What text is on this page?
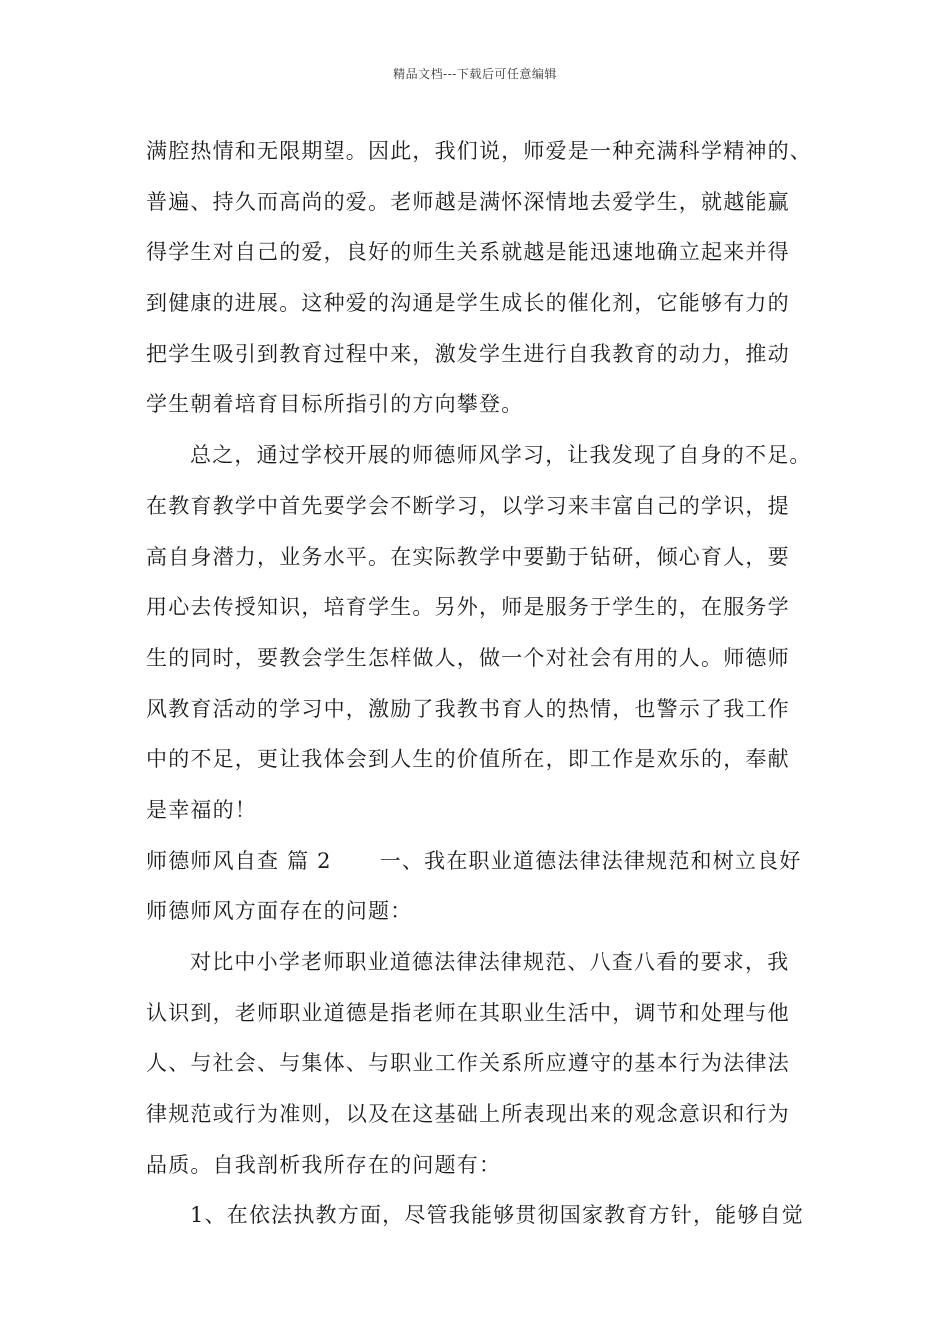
精品文档---下载后可任意编辑
满腔热情和无限期望。因此，我们说，师爱是一种充满科学精神的、
普遍、持久而高尚的爱。老师越是满怀深情地去爱学生，就越能赢
得学生对自己的爱，良好的师生关系就越是能迅速地确立起来并得
到健康的进展。这种爱的沟通是学生成长的催化剂，它能够有力的
把学生吸引到教育过程中来，激发学生进行自我教育的动力，推动
学生朝着培育目标所指引的方向攀登。
总之，通过学校开展的师德师风学习，让我发现了自身的不足。
在教育教学中首先要学会不断学习，以学习来丰富自己的学识，提
高自身潜力，业务水平。在实际教学中要勤于钻研，倾心育人，要
用心去传授知识，培育学生。另外，师是服务于学生的，在服务学
生的同时，要教会学生怎样做人，做一个对社会有用的人。师德师
风教育活动的学习中，激励了我教书育人的热情，也警示了我工作
中的不足，更让我体会到人生的价值所在，即工作是欢乐的，奉献
是幸福的！
师德师风自查 篇 2 一、我在职业道德法律法律规范和树立良好
师德师风方面存在的问题：
对比中小学老师职业道德法律法律规范、八查八看的要求，我
认识到，老师职业道德是指老师在其职业生活中，调节和处理与他
人、与社会、与集体、与职业工作关系所应遵守的基本行为法律法
律规范或行为准则，以及在这基础上所表现出来的观念意识和行为
品质。自我剖析我所存在的问题有：
1、在依法执教方面，尽管我能够贯彻国家教育方针，能够自觉
